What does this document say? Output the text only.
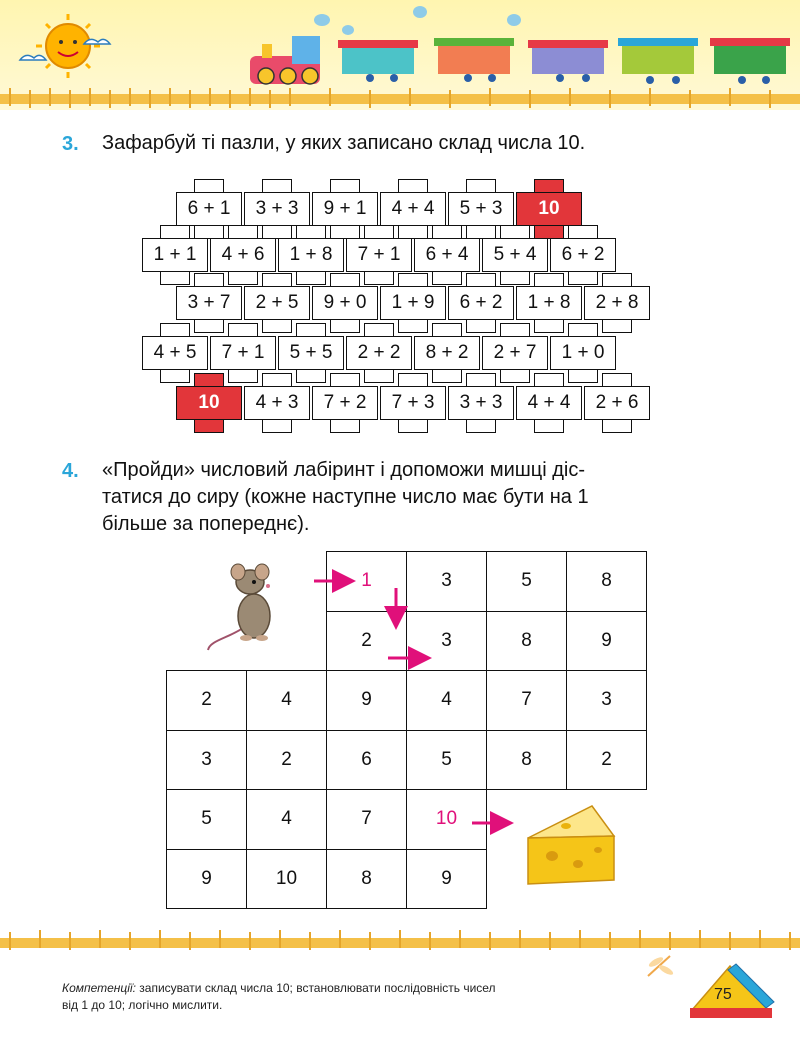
3. Зафарбуй ті пазли, у яких записано склад числа 10.
6 + 1	3 + 3	9 + 1	4 + 4	5 + 3	10
1 + 1	4 + 6	1 + 8	7 + 1	6 + 4	5 + 4	6 + 2
3 + 7	2 + 5	9 + 0	1 + 9	6 + 2	1 + 8	2 + 8
4 + 5	7 + 1	5 + 5	2 + 2	8 + 2	2 + 7	1 + 0
10	4 + 3	7 + 2	7 + 3	3 + 3	4 + 4	2 + 6
4. «Пройди» числовий лабіринт і допоможи мишці діс-
татися до сиру (кожне наступне число має бути на 1
більше за попереднє).
1	3	5	8
2	3	8	9
2	4	9	4	7	3
3	2	6	5	8	2
5	4	7	10
9	10	8	9
Компетенції: записувати склад числа 10; встановлювати послідовність чисел
від 1 до 10; логічно мислити.
75
